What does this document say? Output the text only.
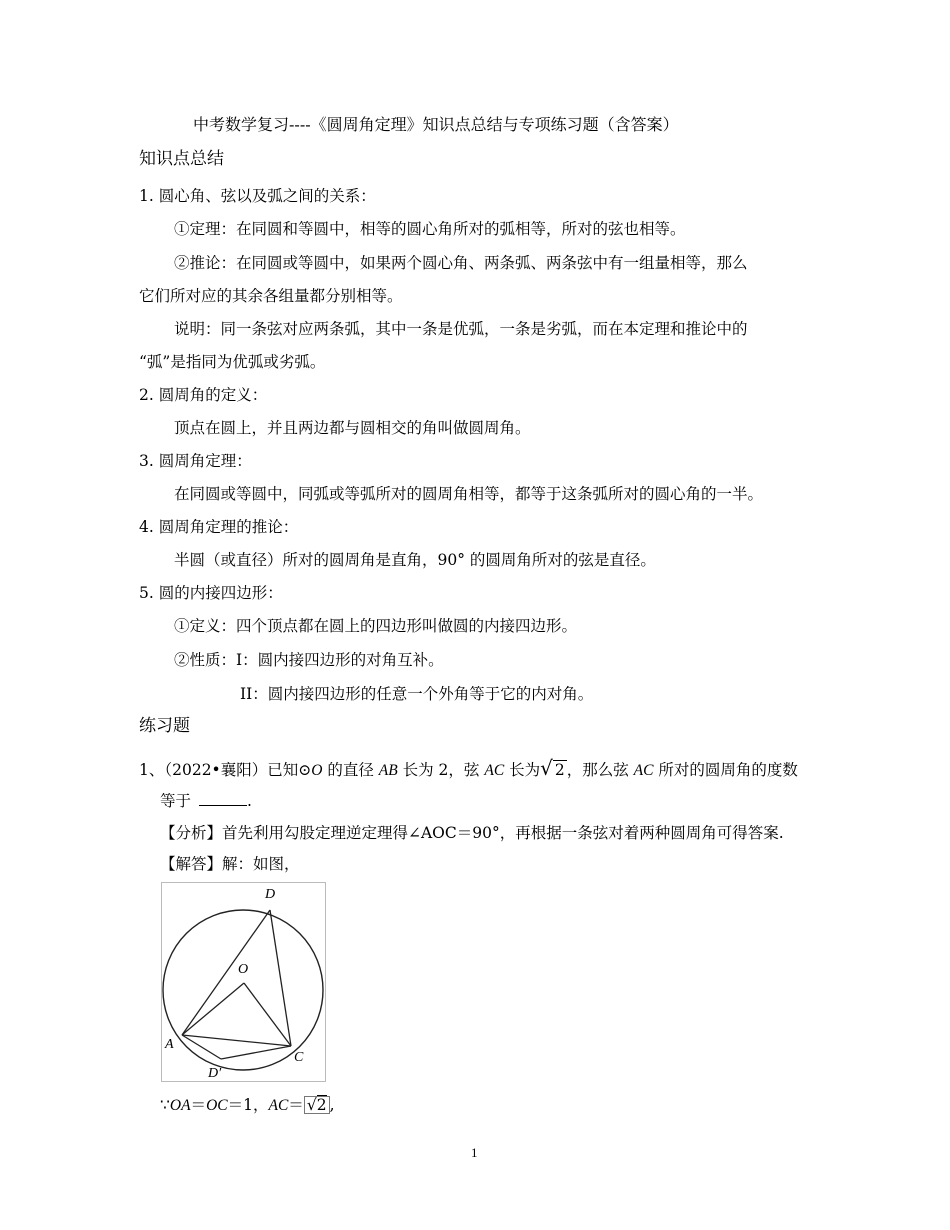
中考数学复习----《圆周角定理》知识点总结与专项练习题（含答案）
知识点总结
1. 圆心角、弦以及弧之间的关系：
①定理：在同圆和等圆中，相等的圆心角所对的弧相等，所对的弦也相等。
②推论：在同圆或等圆中，如果两个圆心角、两条弧、两条弦中有一组量相等，那么
它们所对应的其余各组量都分别相等。
说明：同一条弦对应两条弧，其中一条是优弧，一条是劣弧，而在本定理和推论中的
“弧”是指同为优弧或劣弧。
2. 圆周角的定义：
顶点在圆上，并且两边都与圆相交的角叫做圆周角。
3. 圆周角定理：
在同圆或等圆中，同弧或等弧所对的圆周角相等，都等于这条弧所对的圆心角的一半。
4. 圆周角定理的推论：
半圆（或直径）所对的圆周角是直角，90° 的圆周角所对的弦是直径。
5. 圆的内接四边形：
①定义：四个顶点都在圆上的四边形叫做圆的内接四边形。
②性质：I：圆内接四边形的对角互补。
II：圆内接四边形的任意一个外角等于它的内对角。
练习题
1、（2022•襄阳）已知⊙O 的直径 AB 长为 2，弦 AC 长为√ 2 ，那么弦 AC 所对的圆周角的度数
等于	.
【分析】首先利用勾股定理逆定理得∠AOC＝90°，再根据一条弦对着两种圆周角可得答案.
【解答】解：如图，
D
O
A
C
D′
∵OA＝OC＝1，AC＝ √2 ,
1
